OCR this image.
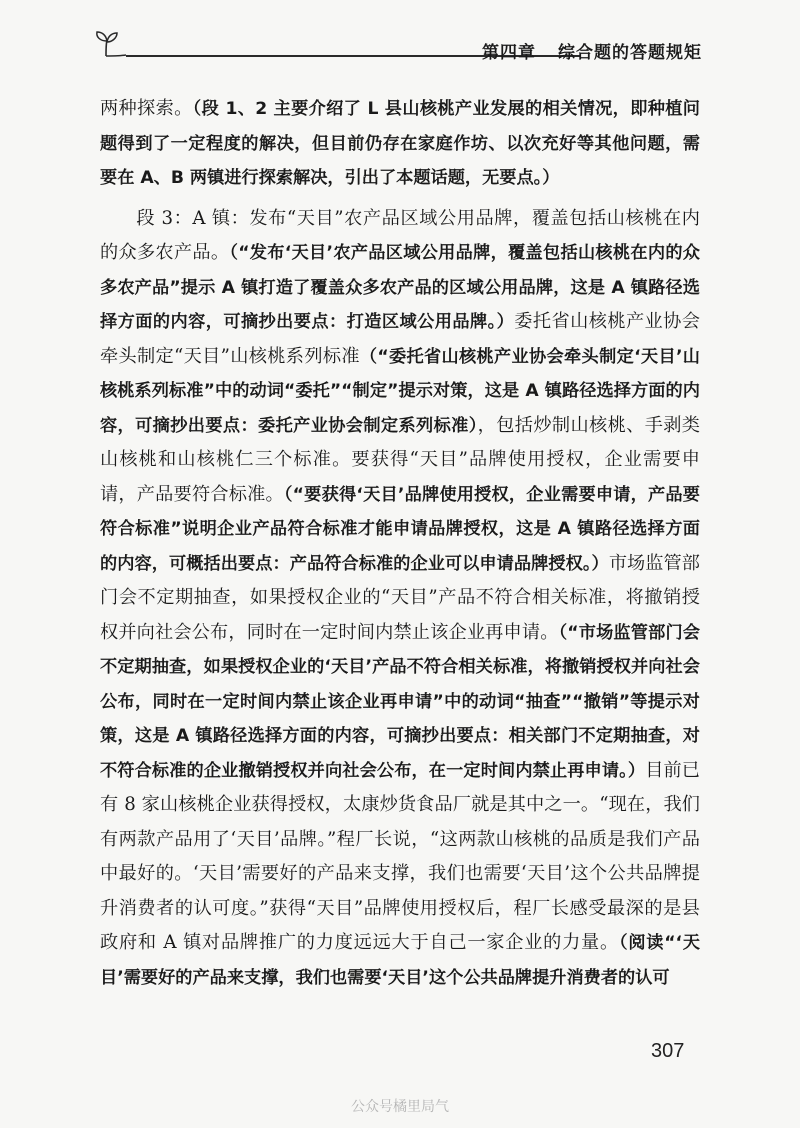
第四章 综合题的答题规矩

两种探索。（段 1、2 主要介绍了 L 县山核桃产业发展的相关情况，即种植问题得到了一定程度的解决，但目前仍存在家庭作坊、以次充好等其他问题，需要在 A、B 两镇进行探索解决，引出了本题话题，无要点。）

段 3：A 镇：发布“天目”农产品区域公用品牌，覆盖包括山核桃在内的众多农产品。（“发布‘天目’农产品区域公用品牌，覆盖包括山核桃在内的众多农产品”提示 A 镇打造了覆盖众多农产品的区域公用品牌，这是 A 镇路径选择方面的内容，可摘抄出要点：打造区域公用品牌。）委托省山核桃产业协会牵头制定“天目”山核桃系列标准（“委托省山核桃产业协会牵头制定‘天目’山核桃系列标准”中的动词“委托”“制定”提示对策，这是 A 镇路径选择方面的内容，可摘抄出要点：委托产业协会制定系列标准），包括炒制山核桃、手剥类山核桃和山核桃仁三个标准。要获得“天目”品牌使用授权，企业需要申请，产品要符合标准。（“要获得‘天目’品牌使用授权，企业需要申请，产品要符合标准”说明企业产品符合标准才能申请品牌授权，这是 A 镇路径选择方面的内容，可概括出要点：产品符合标准的企业可以申请品牌授权。）市场监管部门会不定期抽查，如果授权企业的“天目”产品不符合相关标准，将撤销授权并向社会公布，同时在一定时间内禁止该企业再申请。（“市场监管部门会不定期抽查，如果授权企业的‘天目’产品不符合相关标准，将撤销授权并向社会公布，同时在一定时间内禁止该企业再申请”中的动词“抽查”“撤销”等提示对策，这是 A 镇路径选择方面的内容，可摘抄出要点：相关部门不定期抽查，对不符合标准的企业撤销授权并向社会公布，在一定时间内禁止再申请。）目前已有 8 家山核桃企业获得授权，太康炒货食品厂就是其中之一。“现在，我们有两款产品用了‘天目’品牌。”程厂长说，“这两款山核桃的品质是我们产品中最好的。‘天目’需要好的产品来支撑，我们也需要‘天目’这个公共品牌提升消费者的认可度。”获得“天目”品牌使用授权后，程厂长感受最深的是县政府和 A 镇对品牌推广的力度远远大于自己一家企业的力量。（阅读“‘天目’需要好的产品来支撑，我们也需要‘天目’这个公共品牌提升消费者的认可

307
公众号橘里局气
